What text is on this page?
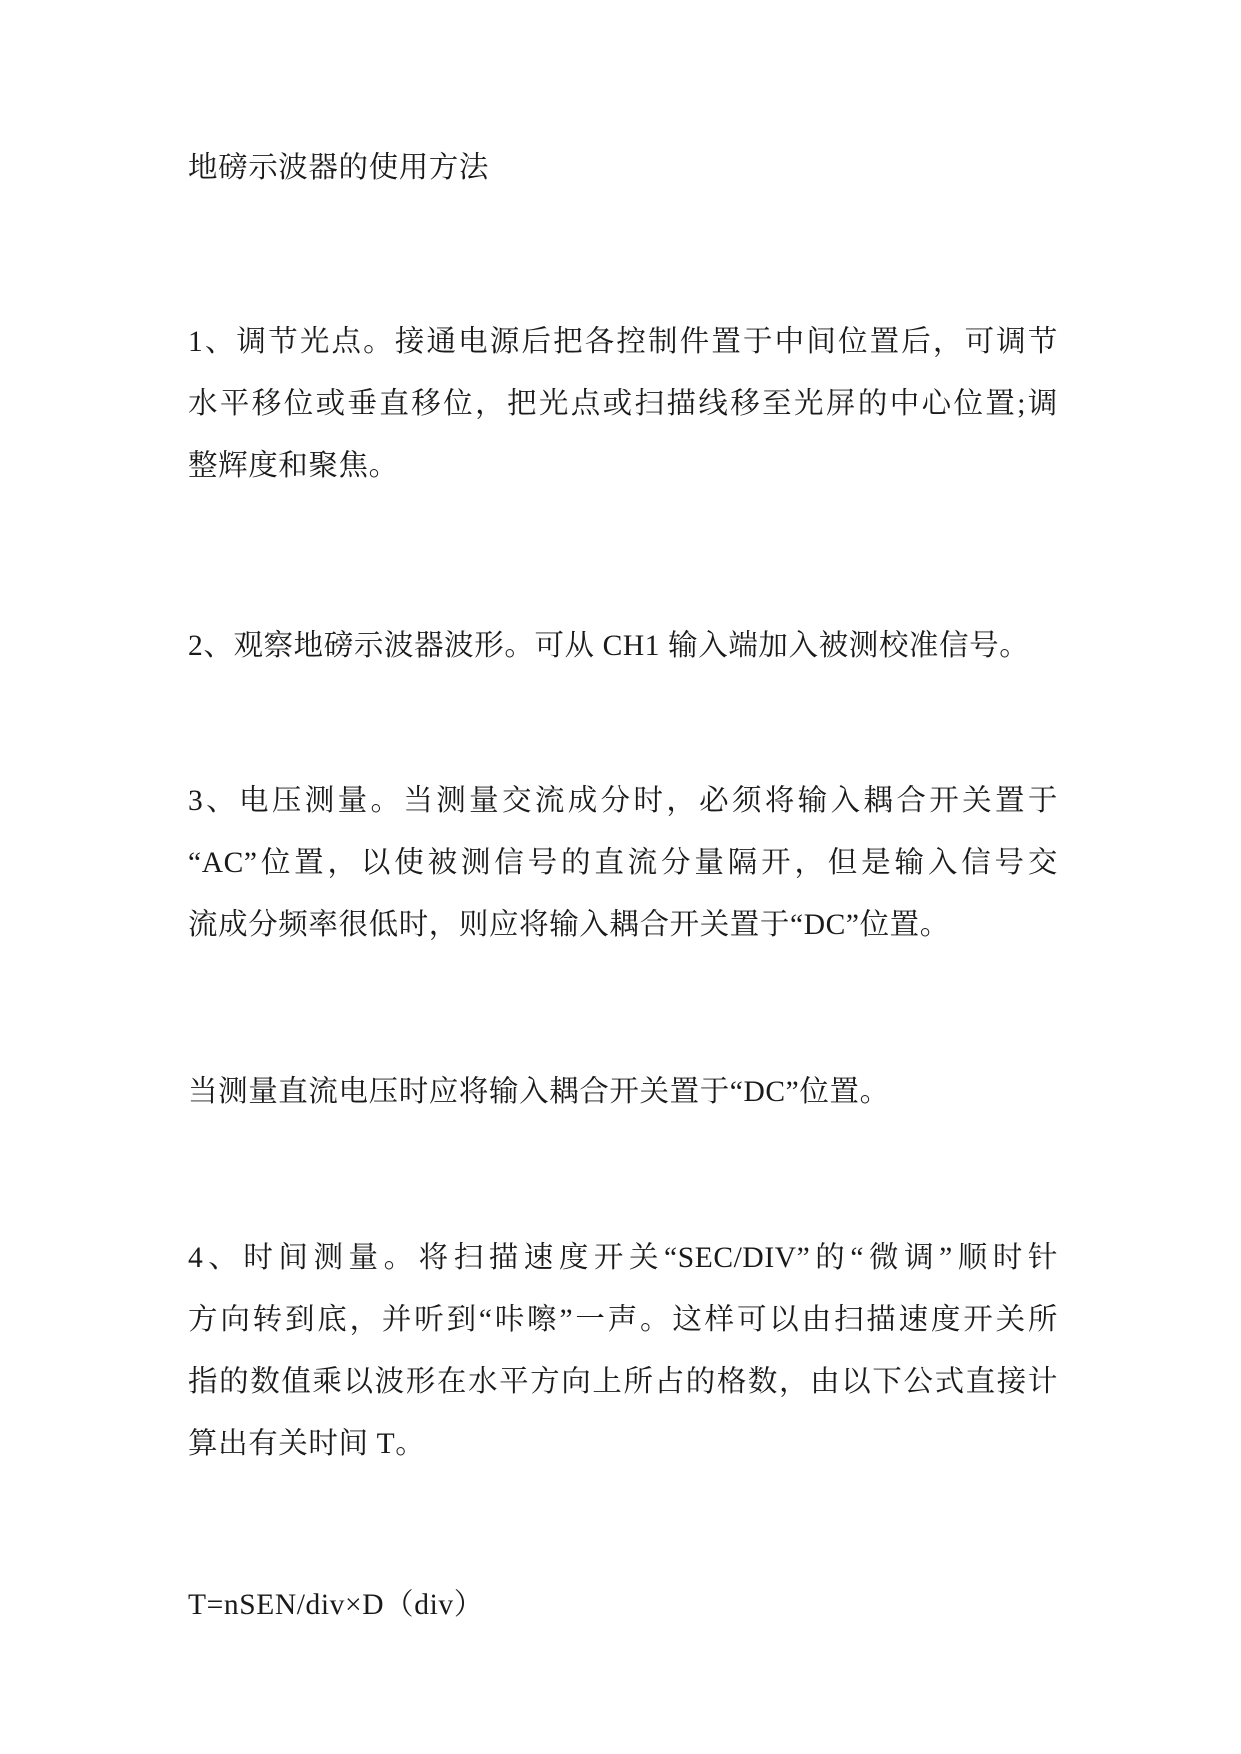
地磅示波器的使用方法
1、调节光点。接通电源后把各控制件置于中间位置后，可调节
水平移位或垂直移位，把光点或扫描线移至光屏的中心位置;调
整辉度和聚焦。
2、观察地磅示波器波形。可从 CH1 输入端加入被测校准信号。
3、电压测量。当测量交流成分时，必须将输入耦合开关置于
“AC”位置，以使被测信号的直流分量隔开，但是输入信号交
流成分频率很低时，则应将输入耦合开关置于“DC”位置。
当测量直流电压时应将输入耦合开关置于“DC”位置。
4、时间测量。将扫描速度开关“SEC/DIV”的“微调”顺时针
方向转到底，并听到“咔嚓”一声。这样可以由扫描速度开关所
指的数值乘以波形在水平方向上所占的格数，由以下公式直接计
算出有关时间 T。
T=nSEN/div×D（div）
